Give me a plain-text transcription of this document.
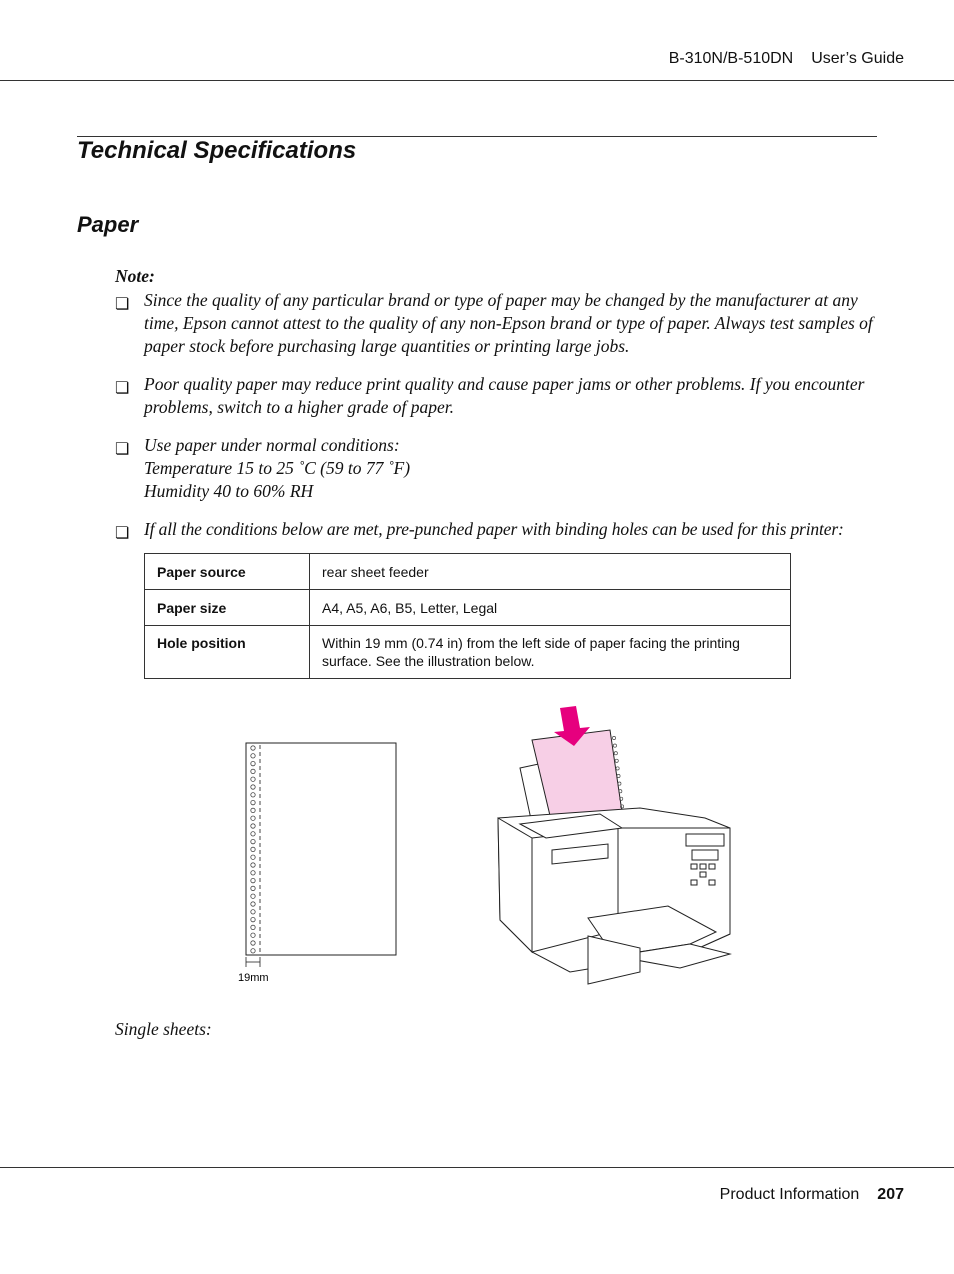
B-310N/B-510DN User’s Guide
Technical Specifications
Paper

Note:

❏ Since the quality of any particular brand or type of paper may be changed by the manufacturer at any time, Epson cannot attest to the quality of any non-Epson brand or type of paper. Always test samples of paper stock before purchasing large quantities or printing large jobs.
❏ Poor quality paper may reduce print quality and cause paper jams or other problems. If you encounter problems, switch to a higher grade of paper.
❏ Use paper under normal conditions:
Temperature 15 to 25 ˚C (59 to 77 ˚F)
Humidity 40 to 60% RH
❏ If all the conditions below are met, pre-punched paper with binding holes can be used for this printer:
Paper source	rear sheet feeder
Paper size	A4, A5, A6, B5, Letter, Legal
Hole position	Within 19 mm (0.74 in) from the left side of paper facing the printing surface. See the illustration below.
19mm
Single sheets:
Product Information 207
